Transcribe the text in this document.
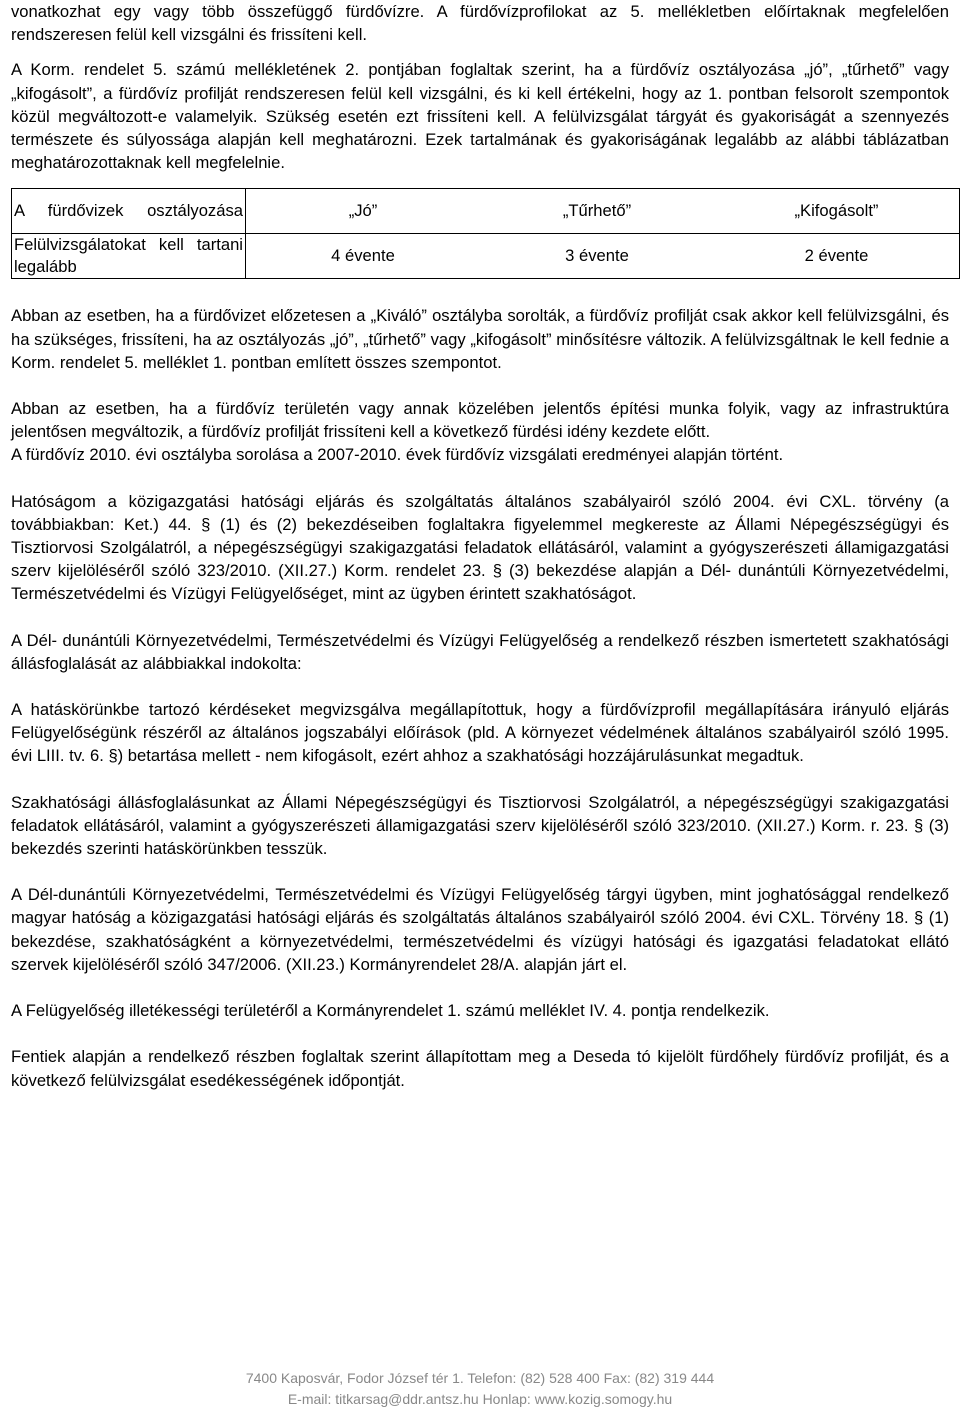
vonatkozhat egy vagy több összefüggő fürdővízre. A fürdővízprofilokat az 5. mellékletben előírtaknak megfelelően rendszeresen felül kell vizsgálni és frissíteni kell.

A Korm. rendelet 5. számú mellékletének 2. pontjában foglaltak szerint, ha a fürdővíz osztályozása „jó”, „tűrhető” vagy „kifogásolt”, a fürdővíz profilját rendszeresen felül kell vizsgálni, és ki kell értékelni, hogy az 1. pontban felsorolt szempontok közül megváltozott-e valamelyik. Szükség esetén ezt frissíteni kell. A felülvizsgálat tárgyát és gyakoriságát a szennyezés természete és súlyossága alapján kell meghatározni. Ezek tartalmának és gyakoriságának legalább az alábbi táblázatban meghatározottaknak kell megfelelnie.

A fürdővizek osztályozása	„Jó”	„Tűrhető”	„Kifogásolt”
Felülvizsgálatokat kell tartani legalább	4 évente	3 évente	2 évente

Abban az esetben, ha a fürdővizet előzetesen a „Kiváló” osztályba sorolták, a fürdővíz profilját csak akkor kell felülvizsgálni, és ha szükséges, frissíteni, ha az osztályozás „jó”, „tűrhető” vagy „kifogásolt” minősítésre változik. A felülvizsgáltnak le kell fednie a Korm. rendelet 5. melléklet 1. pontban említett összes szempontot.

Abban az esetben, ha a fürdővíz területén vagy annak közelében jelentős építési munka folyik, vagy az infrastruktúra jelentősen megváltozik, a fürdővíz profilját frissíteni kell a következő fürdési idény kezdete előtt.

A fürdővíz 2010. évi osztályba sorolása a 2007-2010. évek fürdővíz vizsgálati eredményei alapján történt.

Hatóságom a közigazgatási hatósági eljárás és szolgáltatás általános szabályairól szóló 2004. évi CXL. törvény (a továbbiakban: Ket.) 44. § (1) és (2) bekezdéseiben foglaltakra figyelemmel megkereste az Állami Népegészségügyi és Tisztiorvosi Szolgálatról, a népegészségügyi szakigazgatási feladatok ellátásáról, valamint a gyógyszerészeti államigazgatási szerv kijelöléséről szóló 323/2010. (XII.27.) Korm. rendelet 23. § (3) bekezdése alapján a Dél- dunántúli Környezetvédelmi, Természetvédelmi és Vízügyi Felügyelőséget, mint az ügyben érintett szakhatóságot.

A Dél- dunántúli Környezetvédelmi, Természetvédelmi és Vízügyi Felügyelőség a rendelkező részben ismertetett szakhatósági állásfoglalását az alábbiakkal indokolta:

A hatáskörünkbe tartozó kérdéseket megvizsgálva megállapítottuk, hogy a fürdővízprofil megállapítására irányuló eljárás Felügyelőségünk részéről az általános jogszabályi előírások (pld. A környezet védelmének általános szabályairól szóló 1995. évi LIII. tv. 6. §) betartása mellett - nem kifogásolt, ezért ahhoz a szakhatósági hozzájárulásunkat megadtuk.

Szakhatósági állásfoglalásunkat az Állami Népegészségügyi és Tisztiorvosi Szolgálatról, a népegészségügyi szakigazgatási feladatok ellátásáról, valamint a gyógyszerészeti államigazgatási szerv kijelöléséről szóló 323/2010. (XII.27.) Korm. r. 23. § (3) bekezdés szerinti hatáskörünkben tesszük.

A Dél-dunántúli Környezetvédelmi, Természetvédelmi és Vízügyi Felügyelőség tárgyi ügyben, mint joghatósággal rendelkező magyar hatóság a közigazgatási hatósági eljárás és szolgáltatás általános szabályairól szóló 2004. évi CXL. Törvény 18. § (1) bekezdése, szakhatóságként a környezetvédelmi, természetvédelmi és vízügyi hatósági és igazgatási feladatokat ellátó szervek kijelöléséről szóló 347/2006. (XII.23.) Kormányrendelet 28/A. alapján járt el.

A Felügyelőség illetékességi területéről a Kormányrendelet 1. számú melléklet IV. 4. pontja rendelkezik.

Fentiek alapján a rendelkező részben foglaltak szerint állapítottam meg a Deseda tó kijelölt fürdőhely fürdővíz profilját, és a következő felülvizsgálat esedékességének időpontját.

7400 Kaposvár, Fodor József tér 1. Telefon: (82) 528 400 Fax: (82) 319 444
E-mail: titkarsag@ddr.antsz.hu Honlap: www.kozig.somogy.hu
